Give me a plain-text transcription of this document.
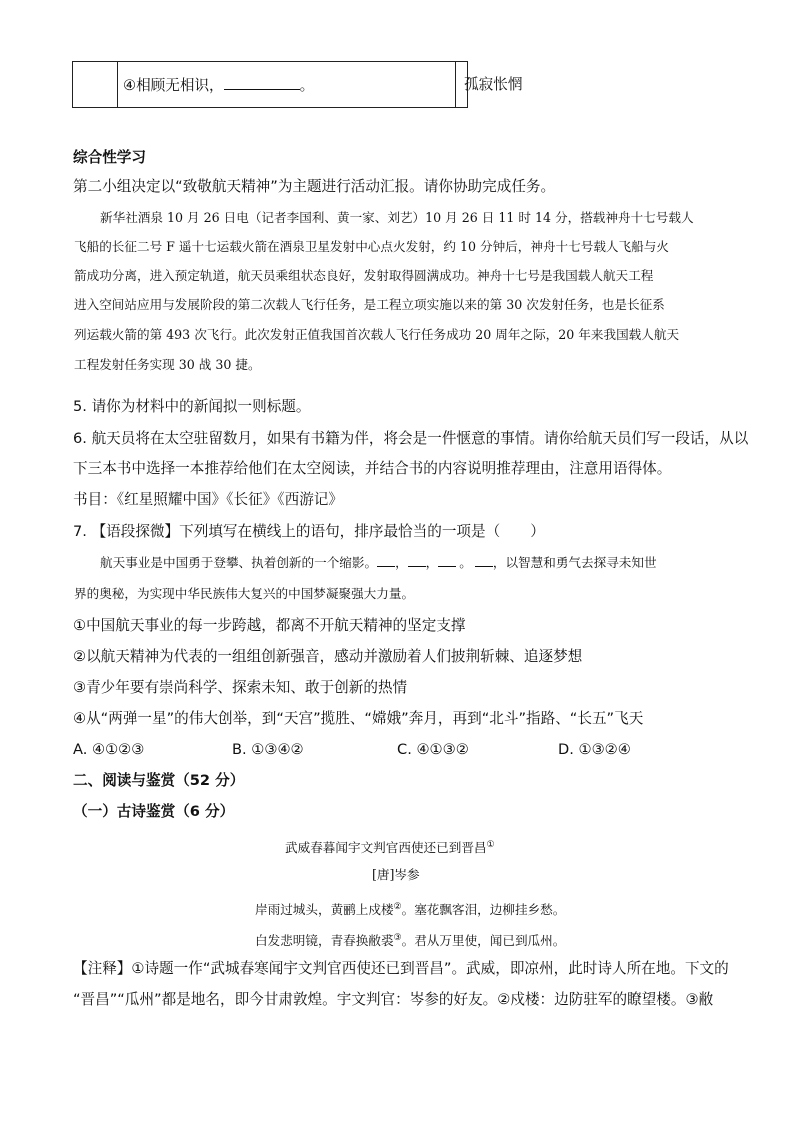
④相顾无相识，	。	孤寂怅惘
综合性学习
第二小组决定以“致敬航天精神”为主题进行活动汇报。请你协助完成任务。
新华社酒泉 10 月 26 日电（记者李国利、黄一家、刘艺）10 月 26 日 11 时 14 分，搭载神舟十七号载人
飞船的长征二号 F 遥十七运载火箭在酒泉卫星发射中心点火发射，约 10 分钟后，神舟十七号载人飞船与火
箭成功分离，进入预定轨道，航天员乘组状态良好，发射取得圆满成功。神舟十七号是我国载人航天工程
进入空间站应用与发展阶段的第二次载人飞行任务，是工程立项实施以来的第 30 次发射任务，也是长征系
列运载火箭的第 493 次飞行。此次发射正值我国首次载人飞行任务成功 20 周年之际，20 年来我国载人航天
工程发射任务实现 30 战 30 捷。
5. 请你为材料中的新闻拟一则标题。
6. 航天员将在太空驻留数月，如果有书籍为伴，将会是一件惬意的事情。请你给航天员们写一段话，从以
下三本书中选择一本推荐给他们在太空阅读，并结合书的内容说明推荐理由，注意用语得体。
书目：《红星照耀中国》《长征》《西游记》
7. 【语段探微】下列填写在横线上的语句，排序最恰当的一项是（ ）
航天事业是中国勇于登攀、执着创新的一个缩影。 ， ， 。 ，以智慧和勇气去探寻未知世
界的奥秘，为实现中华民族伟大复兴的中国梦凝聚强大力量。
①中国航天事业的每一步跨越，都离不开航天精神的坚定支撑
②以航天精神为代表的一组组创新强音，感动并激励着人们披荆斩棘、追逐梦想
③青少年要有崇尚科学、探索未知、敢于创新的热情
④从“两弹一星”的伟大创举，到“天宫”揽胜、“嫦娥”奔月，再到“北斗”指路、“长五”飞天
A. ④①②③	B. ①③④②	C. ④①③②	D. ①③②④
二、阅读与鉴赏（52 分）
（一）古诗鉴赏（6 分）
武威春暮闻宇文判官西使还已到晋昌①
[唐]岑参
岸雨过城头，黄鹂上戍楼②。塞花飘客泪，边柳挂乡愁。
白发悲明镜，青春换敝裘③。君从万里使，闻已到瓜州。
【注释】①诗题一作“武城春寒闻宇文判官西使还已到晋昌”。武威，即凉州，此时诗人所在地。下文的
“晋昌”“瓜州”都是地名，即今甘肃敦煌。宇文判官：岑参的好友。②戍楼：边防驻军的瞭望楼。③敝
